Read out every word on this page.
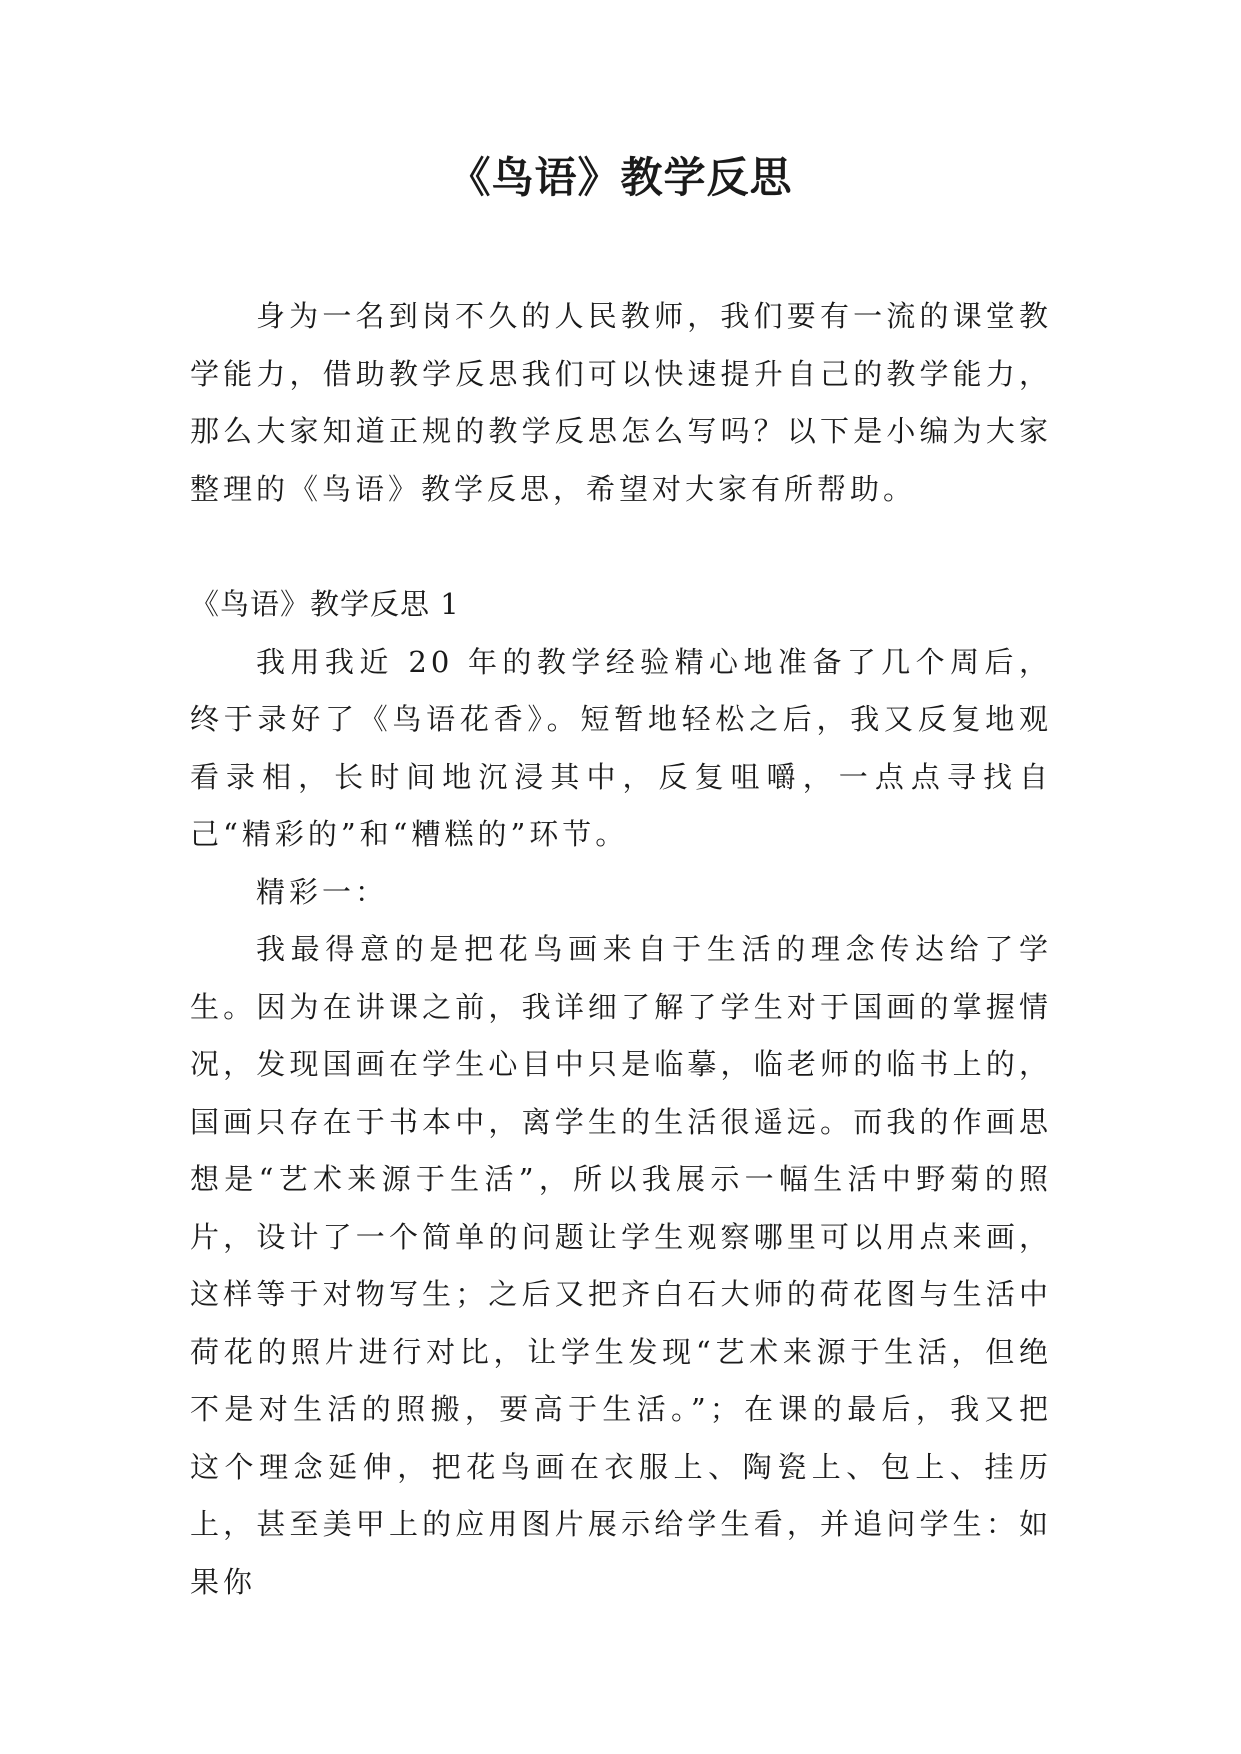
《鸟语》教学反思

身为一名到岗不久的人民教师，我们要有一流的课堂教学能力，借助教学反思我们可以快速提升自己的教学能力，那么大家知道正规的教学反思怎么写吗？以下是小编为大家整理的《鸟语》教学反思，希望对大家有所帮助。

《鸟语》教学反思 1

我用我近 20 年的教学经验精心地准备了几个周后，终于录好了《鸟语花香》。短暂地轻松之后，我又反复地观看录相，长时间地沉浸其中，反复咀嚼，一点点寻找自己“精彩的”和“糟糕的”环节。

精彩一：

我最得意的是把花鸟画来自于生活的理念传达给了学生。因为在讲课之前，我详细了解了学生对于国画的掌握情况，发现国画在学生心目中只是临摹，临老师的临书上的，国画只存在于书本中，离学生的生活很遥远。而我的作画思想是“艺术来源于生活”，所以我展示一幅生活中野菊的照片，设计了一个简单的问题让学生观察哪里可以用点来画，这样等于对物写生；之后又把齐白石大师的荷花图与生活中荷花的照片进行对比，让学生发现“艺术来源于生活，但绝不是对生活的照搬，要高于生活。”；在课的最后，我又把这个理念延伸，把花鸟画在衣服上、陶瓷上、包上、挂历上，甚至美甲上的应用图片展示给学生看，并追问学生：如果你
